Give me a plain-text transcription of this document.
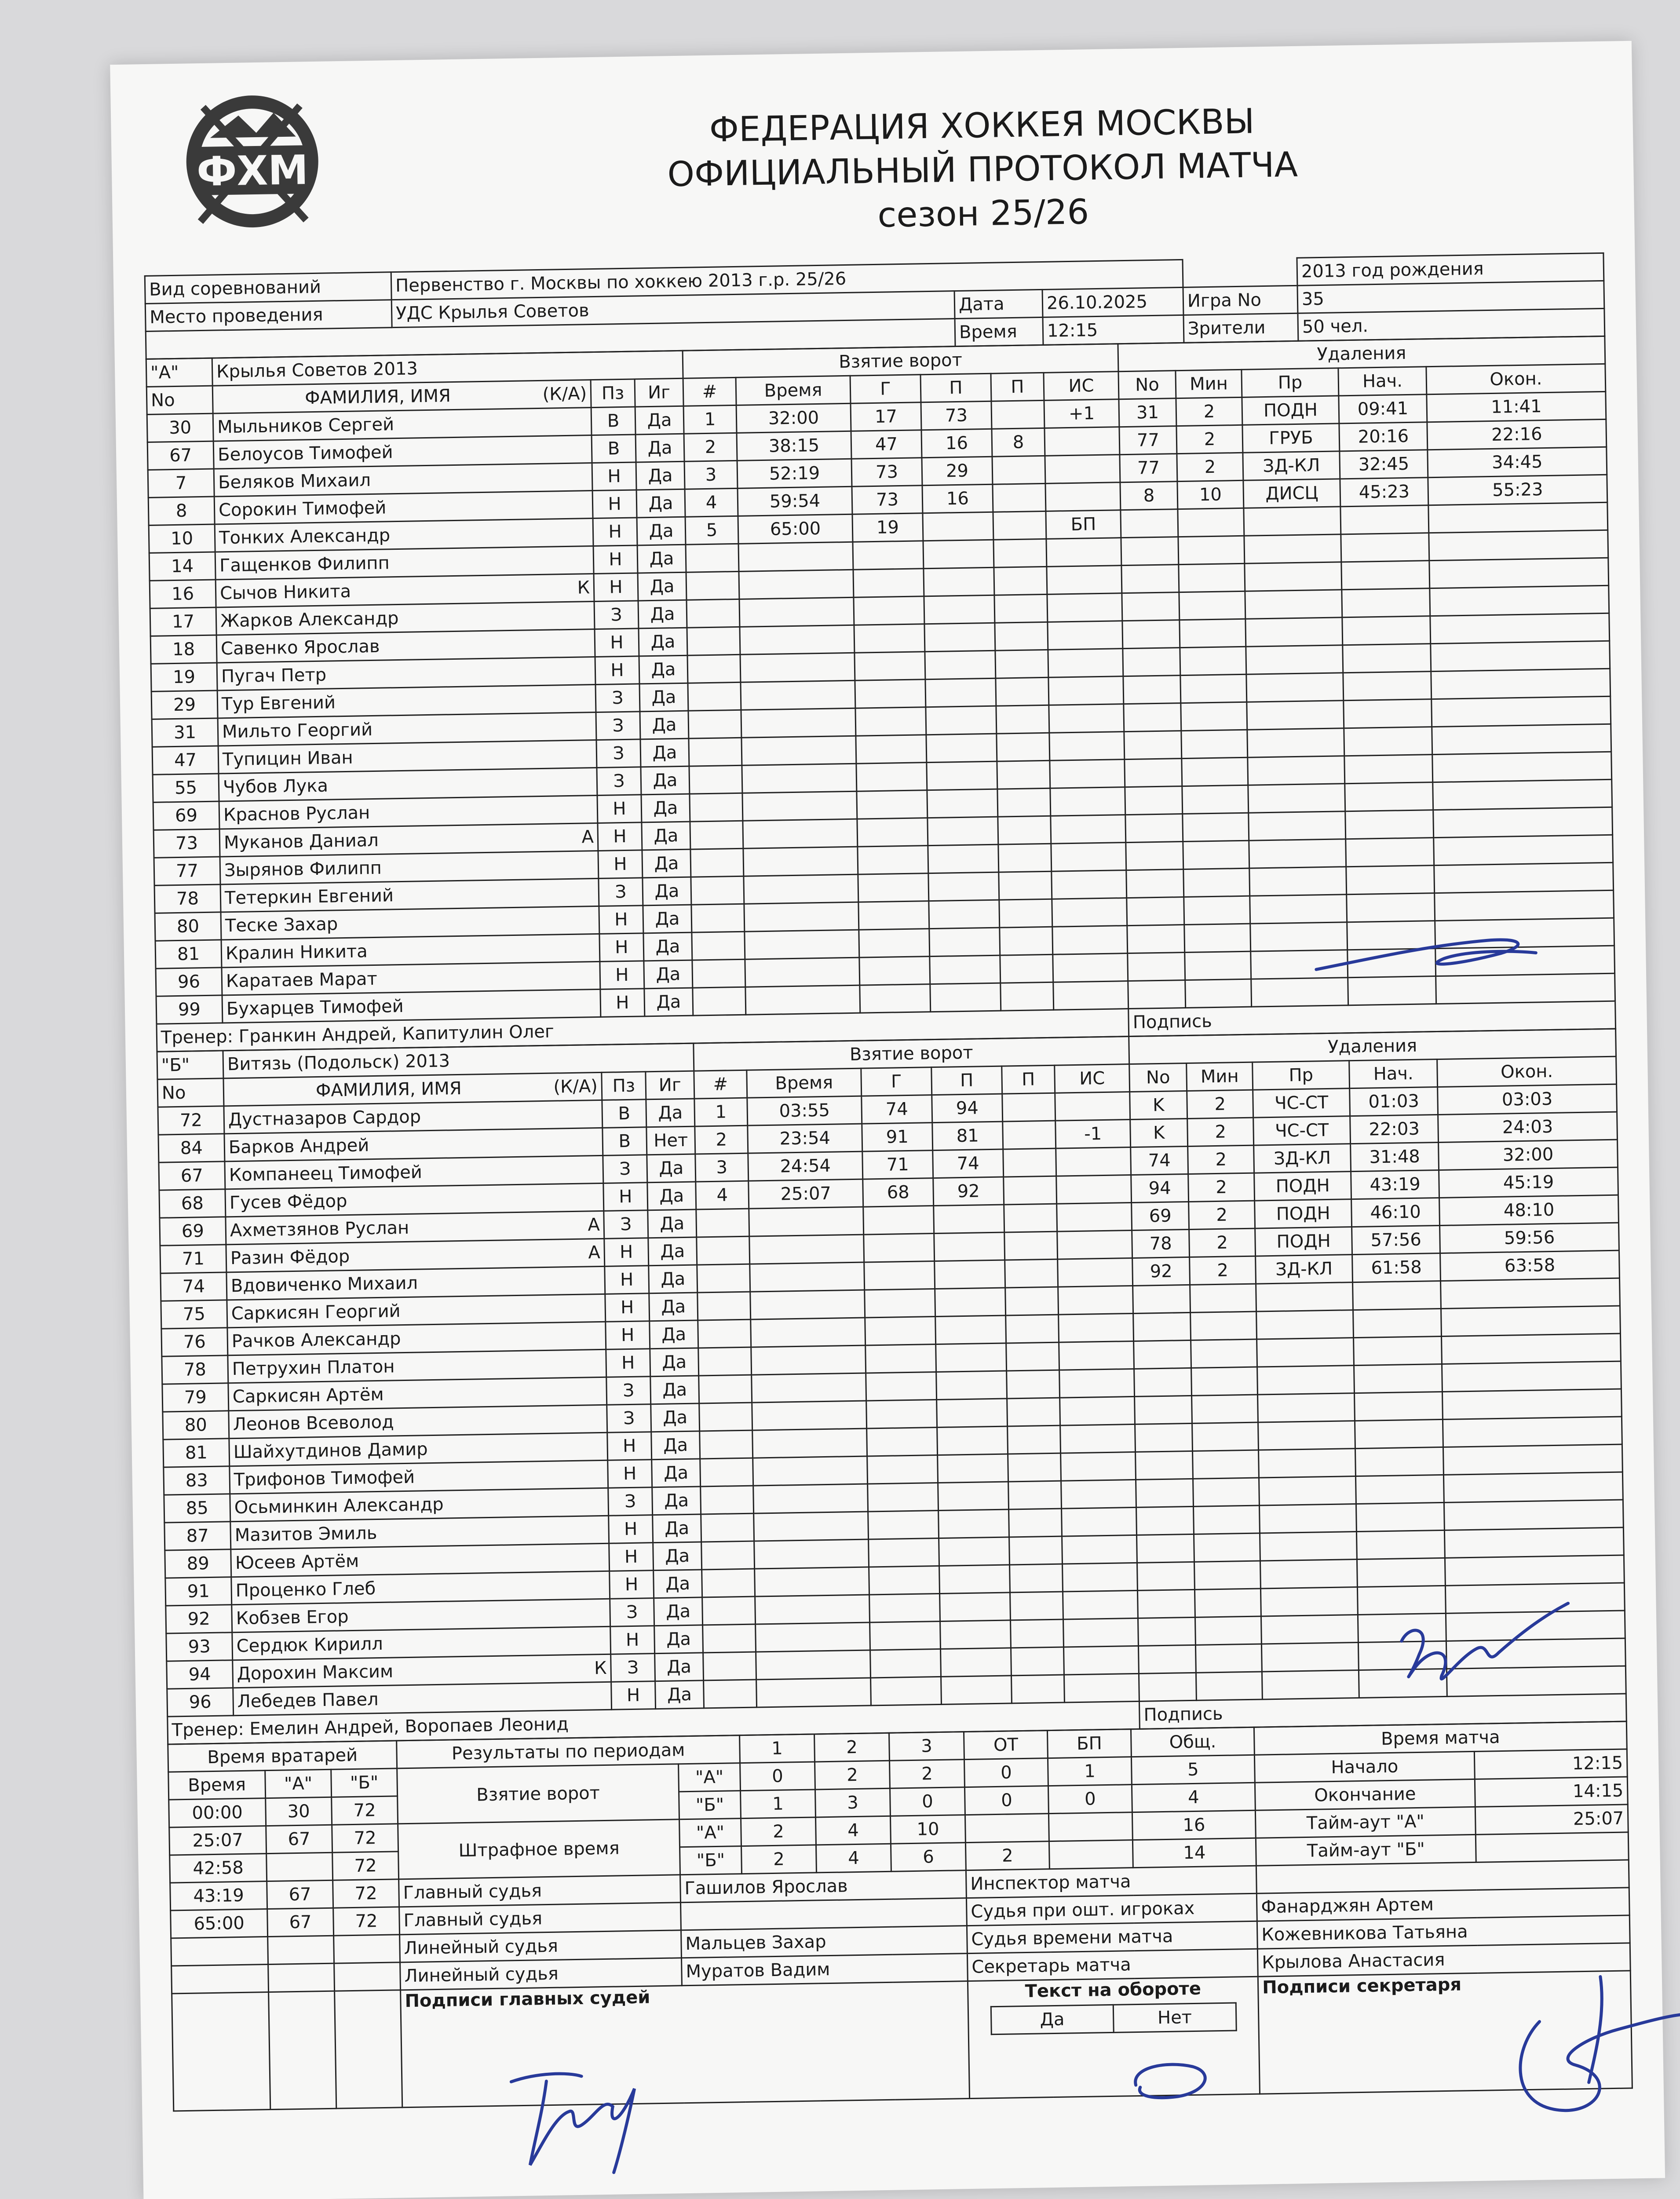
ФХМ
ФЕДЕРАЦИЯ ХОККЕЯ МОСКВЫ
ОФИЦИАЛЬНЫЙ ПРОТОКОЛ МАТЧА
сезон 25/26
Вид соревнований	Первенство г. Москвы по хоккею 2013 г.р. 25/26				2013 год рождения
Место проведения	УДС Крылья Советов	Дата	26.10.2025	Игра No	35
		Время	12:15	Зрители	50 чел.
"А"	Крылья Советов 2013			Взятие ворот						Удаления				
No	ФАМИЛИЯ, ИМЯ (К/А)	Пз	Иг	#	Время	Г	П	П	ИС	No	Мин	Пр	Нач.	Окон.
30	Мыльников Сергей	В	Да	1	32:00	17	73		+1	31	2	ПОДН	09:41	11:41
67	Белоусов Тимофей	В	Да	2	38:15	47	16	8		77	2	ГРУБ	20:16	22:16
7	Беляков Михаил	Н	Да	3	52:19	73	29			77	2	ЗД-КЛ	32:45	34:45
8	Сорокин Тимофей	Н	Да	4	59:54	73	16			8	10	ДИСЦ	45:23	55:23
10	Тонких Александр	Н	Да	5	65:00	19			БП					
14	Гащенков Филипп	Н	Да											
16	Сычов Никита К	Н	Да											
17	Жарков Александр	З	Да											
18	Савенко Ярослав	Н	Да											
19	Пугач Петр	Н	Да											
29	Тур Евгений	З	Да											
31	Мильто Георгий	З	Да											
47	Тупицин Иван	З	Да											
55	Чубов Лука	З	Да											
69	Краснов Руслан	Н	Да											
73	Муканов Даниал А	Н	Да											
77	Зырянов Филипп	Н	Да											
78	Тетеркин Евгений	З	Да											
80	Теске Захар	Н	Да											
81	Кралин Никита	Н	Да											
96	Каратаев Марат	Н	Да											
99	Бухарцев Тимофей	Н	Да											
Тренер: Гранкин Андрей, Капитулин Олег										Подпись				
"Б"	Витязь (Подольск) 2013			Взятие ворот						Удаления				
No	ФАМИЛИЯ, ИМЯ (К/А)	Пз	Иг	#	Время	Г	П	П	ИС	No	Мин	Пр	Нач.	Окон.
72	Дустназаров Сардор	В	Да	1	03:55	74	94			K	2	ЧС-СТ	01:03	03:03
84	Барков Андрей	В	Нет	2	23:54	91	81		-1	K	2	ЧС-СТ	22:03	24:03
67	Компанеец Тимофей	З	Да	3	24:54	71	74			74	2	ЗД-КЛ	31:48	32:00
68	Гусев Фёдор	Н	Да	4	25:07	68	92			94	2	ПОДН	43:19	45:19
69	Ахметзянов Руслан А	З	Да							69	2	ПОДН	46:10	48:10
71	Разин Фёдор А	Н	Да							78	2	ПОДН	57:56	59:56
74	Вдовиченко Михаил	Н	Да							92	2	ЗД-КЛ	61:58	63:58
75	Саркисян Георгий	Н	Да											
76	Рачков Александр	Н	Да											
78	Петрухин Платон	Н	Да											
79	Саркисян Артём	З	Да											
80	Леонов Всеволод	З	Да											
81	Шайхутдинов Дамир	Н	Да											
83	Трифонов Тимофей	Н	Да											
85	Осьминкин Александр	З	Да											
87	Мазитов Эмиль	Н	Да											
89	Юсеев Артём	Н	Да											
91	Проценко Глеб	Н	Да											
92	Кобзев Егор	З	Да											
93	Сердюк Кирилл	Н	Да											
94	Дорохин Максим К	З	Да											
96	Лебедев Павел	Н	Да											
Тренер: Емелин Андрей, Воропаев Леонид										Подпись				
Время вратарей	Результаты по периодам	1	2	3	ОТ	БП	Общ.	Время матча
Время	"А"	"Б"	Взятие ворот	"А"	0	2	2	0	1	5	Начало	12:15
00:00	30	72	"Б"	1	3	0	0	0	4	Окончание	14:15
25:07	67	72	Штрафное время	"А"	2	4	10			16	Тайм-аут "А"	25:07
42:58		72	"Б"	2	4	6	2		14	Тайм-аут "Б"	
43:19	67	72	Главный судья	Гашилов Ярослав	Инспектор матча	
65:00	67	72	Главный судья		Судья при ошт. игроках	Фанарджян Артем
			Линейный судья	Мальцев Захар	Судья времени матча	Кожевникова Татьяна
			Линейный судья	Муратов Вадим	Секретарь матча	Крылова Анастасия

Подписи главных судей	Текст на обороте
Да	Нет

Подписи секретаря
